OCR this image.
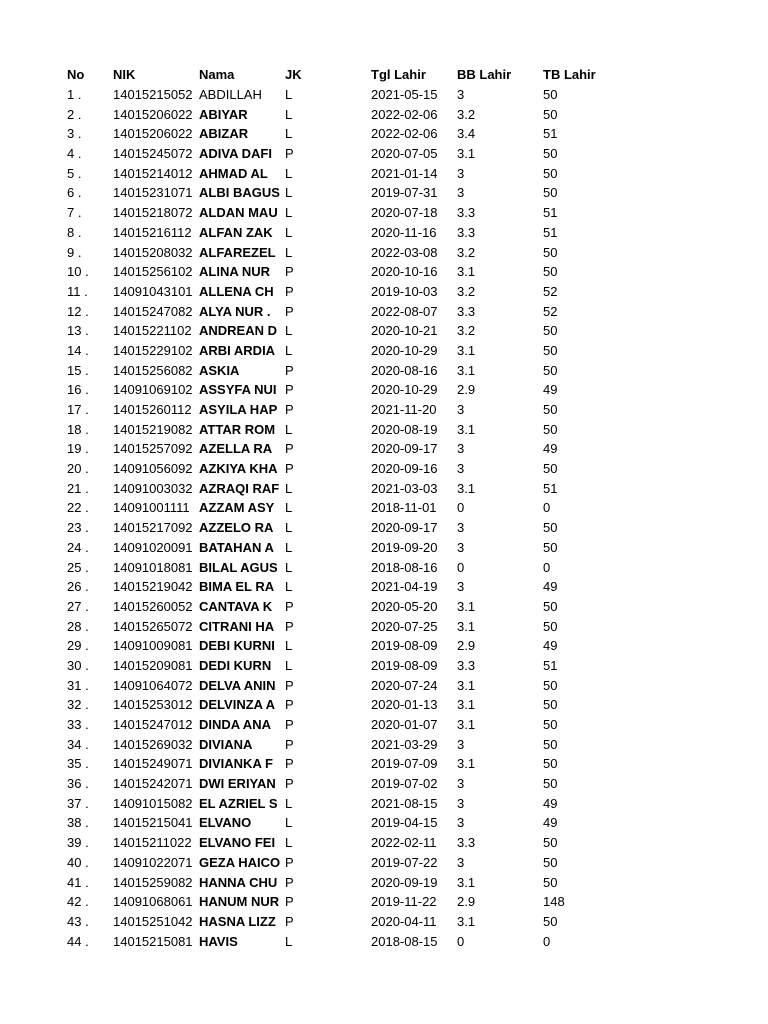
No	NIK	Nama	JK	Tgl Lahir	BB Lahir	TB Lahir
1 .	14015215052 ABDILLAH	L	2021-05-15	3	50
2 .	14015206022 ABIYAR	L	2022-02-06	3.2	50
3 .	14015206022 ABIZAR	L	2022-02-06	3.4	51
4 .	14015245072 ADIVA DAFI	P	2020-07-05	3.1	50
5 .	14015214012 AHMAD AL	L	2021-01-14	3	50
6 .	14015231071 ALBI BAGUS L	2019-07-31	3	50
7 .	14015218072 ALDAN MAU L	2020-07-18	3.3	51
8 .	14015216112 ALFAN ZAK L	2020-11-16	3.3	51
9 .	14015208032 ALFAREZEL L	2022-03-08	3.2	50
10 .	14015256102 ALINA NUR	P	2020-10-16	3.1	50
11 .	14091043101 ALLENA CH P	2019-10-03	3.2	52
12 .	14015247082 ALYA NUR .	P	2022-08-07	3.3	52
13 .	14015221102 ANDREAN D L	2020-10-21	3.2	50
14 .	14015229102 ARBI ARDIA L	2020-10-29	3.1	50
15 .	14015256082 ASKIA	P	2020-08-16	3.1	50
16 .	14091069102 ASSYFA NUI P	2020-10-29	2.9	49
17 .	14015260112 ASYILA HAP P	2021-11-20	3	50
18 .	14015219082 ATTAR ROM L	2020-08-19	3.1	50
19 .	14015257092 AZELLA RA P	2020-09-17	3	49
20 .	14091056092 AZKIYA KHA P	2020-09-16	3	50
21 .	14091003032 AZRAQI RAF L	2021-03-03	3.1	51
22 .	14091001111 AZZAM ASY L	2018-11-01	0	0
23 .	14015217092 AZZELO RA L	2020-09-17	3	50
24 .	14091020091 BATAHAN A L	2019-09-20	3	50
25 .	14091018081 BILAL AGUS L	2018-08-16	0	0
26 .	14015219042 BIMA EL RA L	2021-04-19	3	49
27 .	14015260052 CANTAVA K P	2020-05-20	3.1	50
28 .	14015265072 CITRANI HA P	2020-07-25	3.1	50
29 .	14091009081 DEBI KURNI L	2019-08-09	2.9	49
30 .	14015209081 DEDI KURN	L	2019-08-09	3.3	51
31 .	14091064072 DELVA ANIN P	2020-07-24	3.1	50
32 .	14015253012 DELVINZA A P	2020-01-13	3.1	50
33 .	14015247012 DINDA ANA	P	2020-01-07	3.1	50
34 .	14015269032 DIVIANA	P	2021-03-29	3	50
35 .	14015249071 DIVIANKA F P	2019-07-09	3.1	50
36 .	14015242071 DWI ERIYAN P	2019-07-02	3	50
37 .	14091015082 EL AZRIEL S L	2021-08-15	3	49
38 .	14015215041 ELVANO	L	2019-04-15	3	49
39 .	14015211022 ELVANO FEI L	2022-02-11	3.3	50
40 .	14091022071 GEZA HAICO P	2019-07-22	3	50
41 .	14015259082 HANNA CHU P	2020-09-19	3.1	50
42 .	14091068061 HANUM NUR P	2019-11-22	2.9	148
43 .	14015251042 HASNA LIZZ P	2020-04-11	3.1	50
44 .	14015215081 HAVIS	L	2018-08-15	0	0
